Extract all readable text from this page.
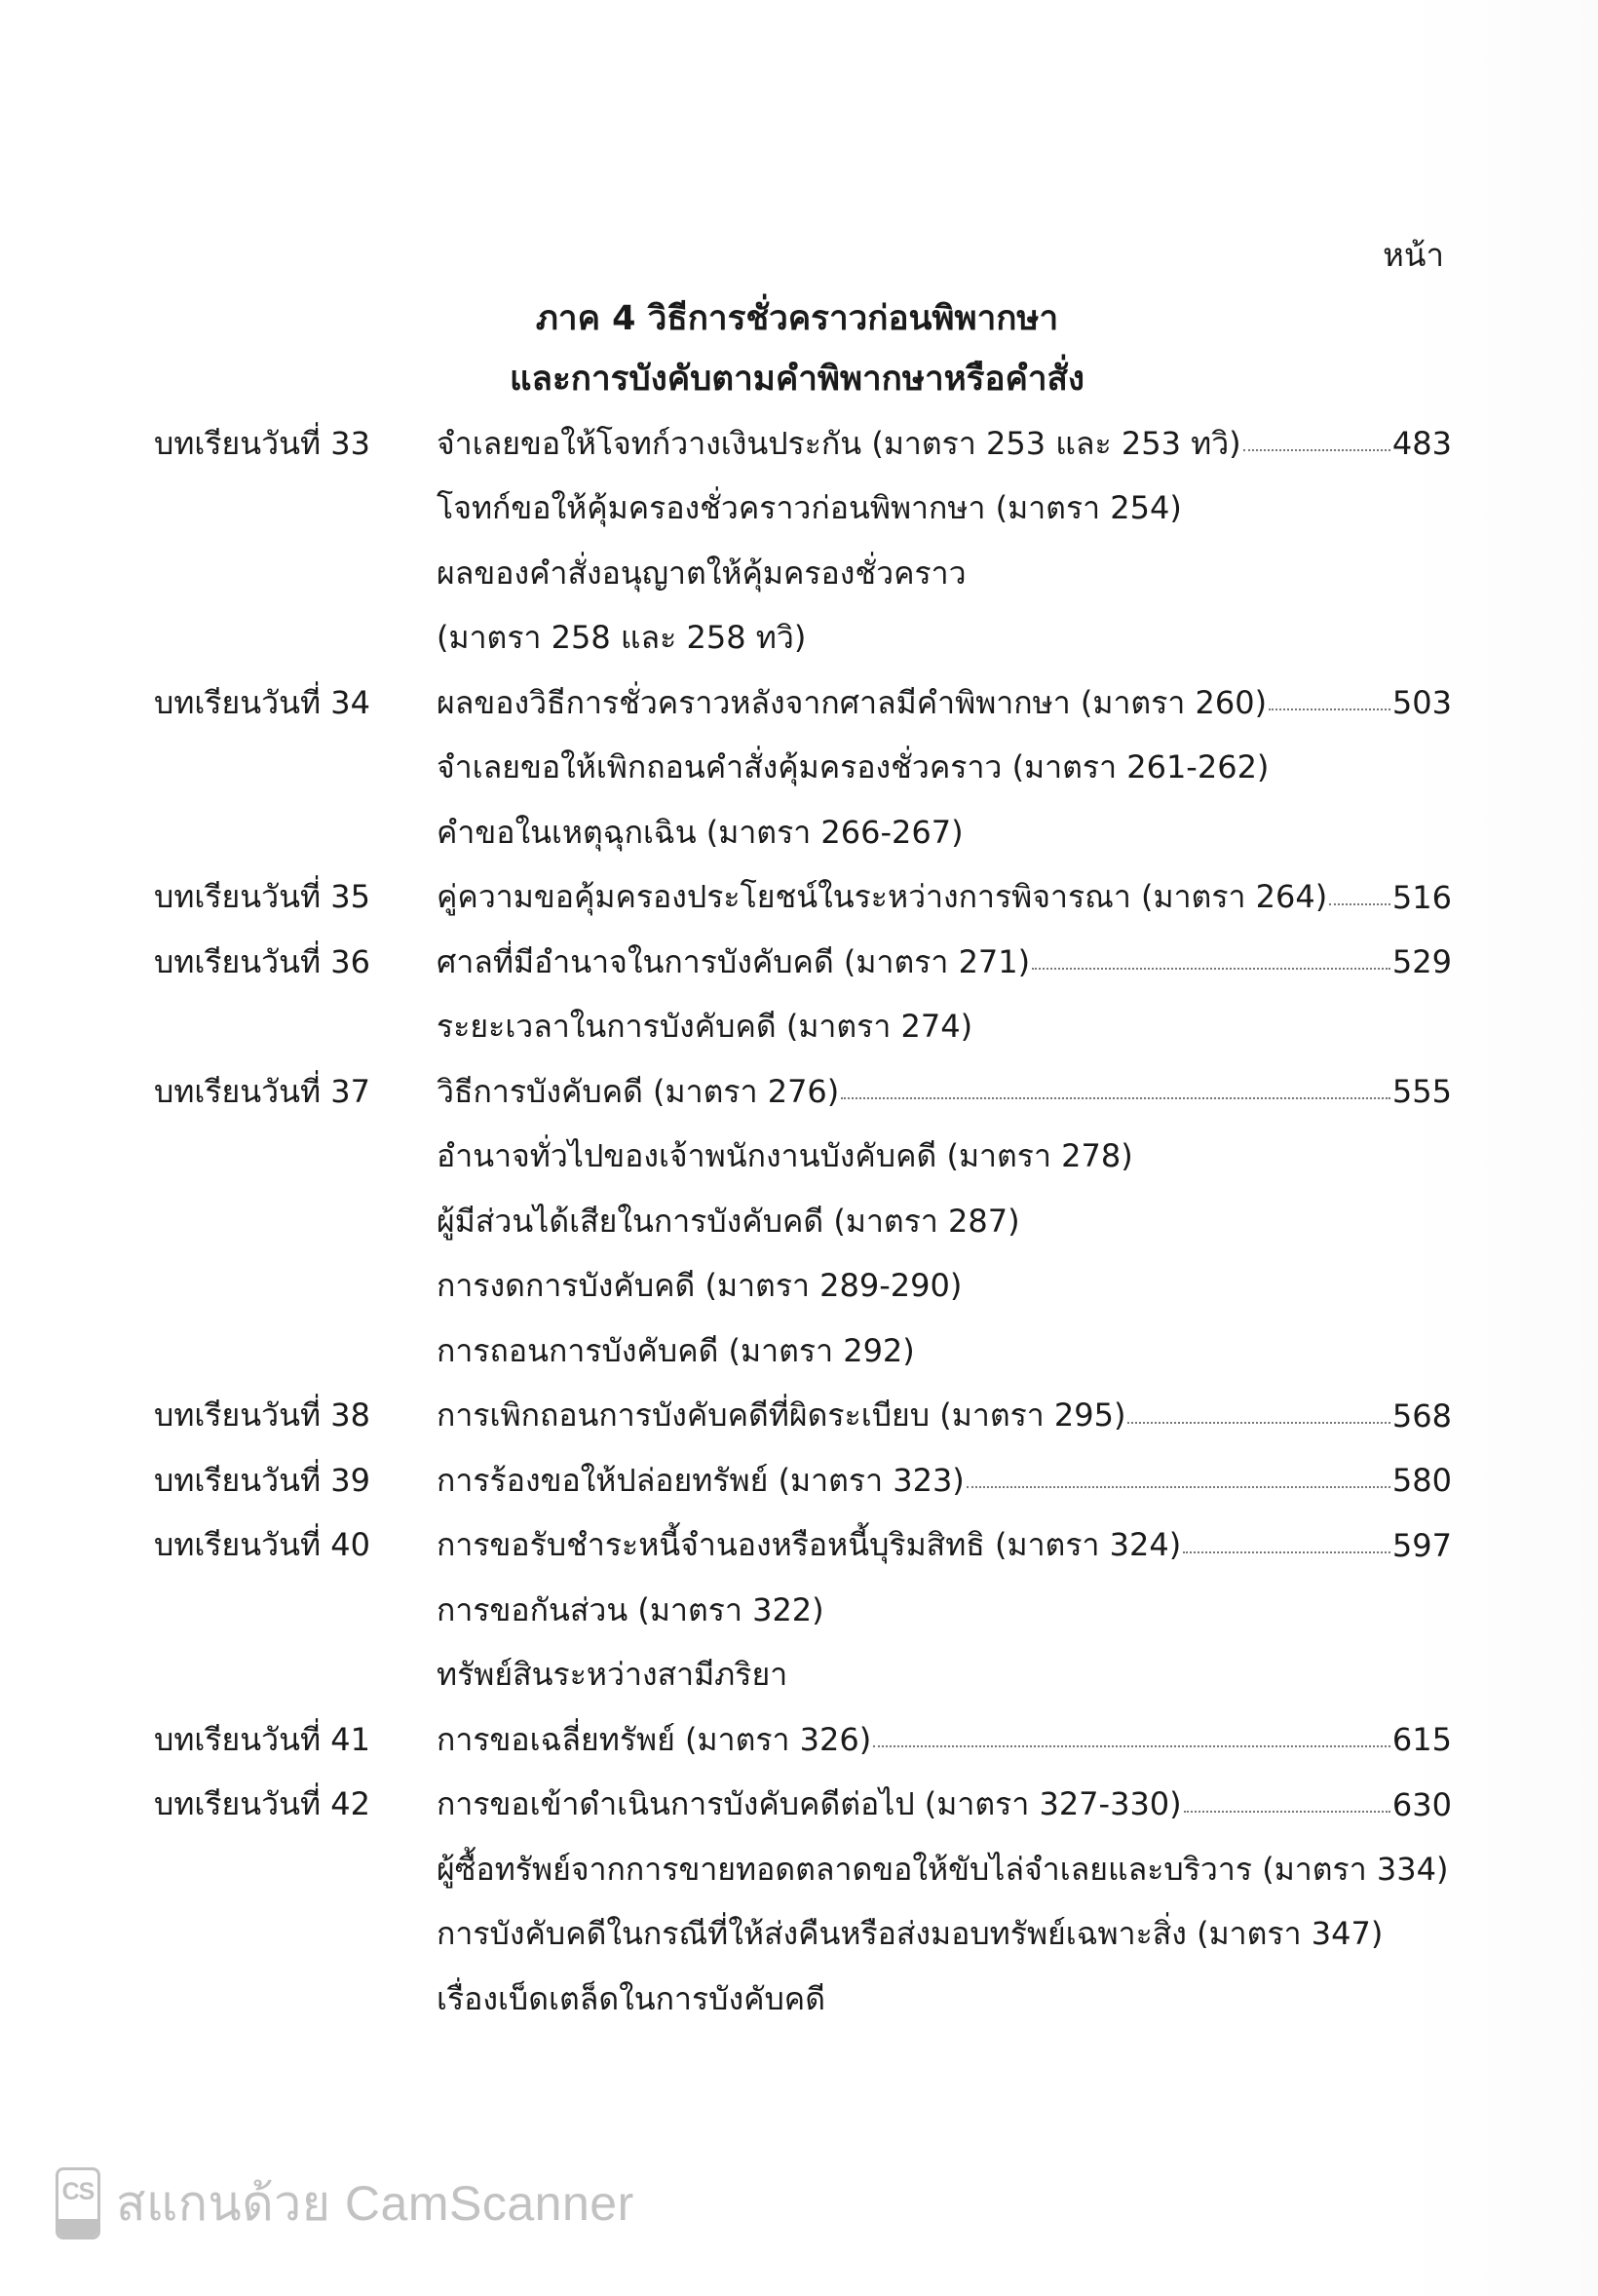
หน้า
ภาค 4 วิธีการชั่วคราวก่อนพิพากษา
และการบังคับตามคำพิพากษาหรือคำสั่ง
บทเรียนวันที่ 33	จำเลยขอให้โจทก์วางเงินประกัน (มาตรา 253 และ 253 ทวิ)	483
โจทก์ขอให้คุ้มครองชั่วคราวก่อนพิพากษา (มาตรา 254)
ผลของคำสั่งอนุญาตให้คุ้มครองชั่วคราว
(มาตรา 258 และ 258 ทวิ)
บทเรียนวันที่ 34	ผลของวิธีการชั่วคราวหลังจากศาลมีคำพิพากษา (มาตรา 260)	503
จำเลยขอให้เพิกถอนคำสั่งคุ้มครองชั่วคราว (มาตรา 261-262)
คำขอในเหตุฉุกเฉิน (มาตรา 266-267)
บทเรียนวันที่ 35	คู่ความขอคุ้มครองประโยชน์ในระหว่างการพิจารณา (มาตรา 264) 516
บทเรียนวันที่ 36	ศาลที่มีอำนาจในการบังคับคดี (มาตรา 271)	529
ระยะเวลาในการบังคับคดี (มาตรา 274)
บทเรียนวันที่ 37	วิธีการบังคับคดี (มาตรา 276)	555
อำนาจทั่วไปของเจ้าพนักงานบังคับคดี (มาตรา 278)
ผู้มีส่วนได้เสียในการบังคับคดี (มาตรา 287)
การงดการบังคับคดี (มาตรา 289-290)
การถอนการบังคับคดี (มาตรา 292)
บทเรียนวันที่ 38	การเพิกถอนการบังคับคดีที่ผิดระเบียบ (มาตรา 295)	568
บทเรียนวันที่ 39	การร้องขอให้ปล่อยทรัพย์ (มาตรา 323)	580
บทเรียนวันที่ 40	การขอรับชำระหนี้จำนองหรือหนี้บุริมสิทธิ (มาตรา 324)	597
การขอกันส่วน (มาตรา 322)
ทรัพย์สินระหว่างสามีภริยา
บทเรียนวันที่ 41	การขอเฉลี่ยทรัพย์ (มาตรา 326)	615
บทเรียนวันที่ 42	การขอเข้าดำเนินการบังคับคดีต่อไป (มาตรา 327-330)	630
ผู้ซื้อทรัพย์จากการขายทอดตลาดขอให้ขับไล่จำเลยและบริวาร (มาตรา 334)
การบังคับคดีในกรณีที่ให้ส่งคืนหรือส่งมอบทรัพย์เฉพาะสิ่ง (มาตรา 347)
เรื่องเบ็ดเตล็ดในการบังคับคดี
CS สแกนด้วย CamScanner
